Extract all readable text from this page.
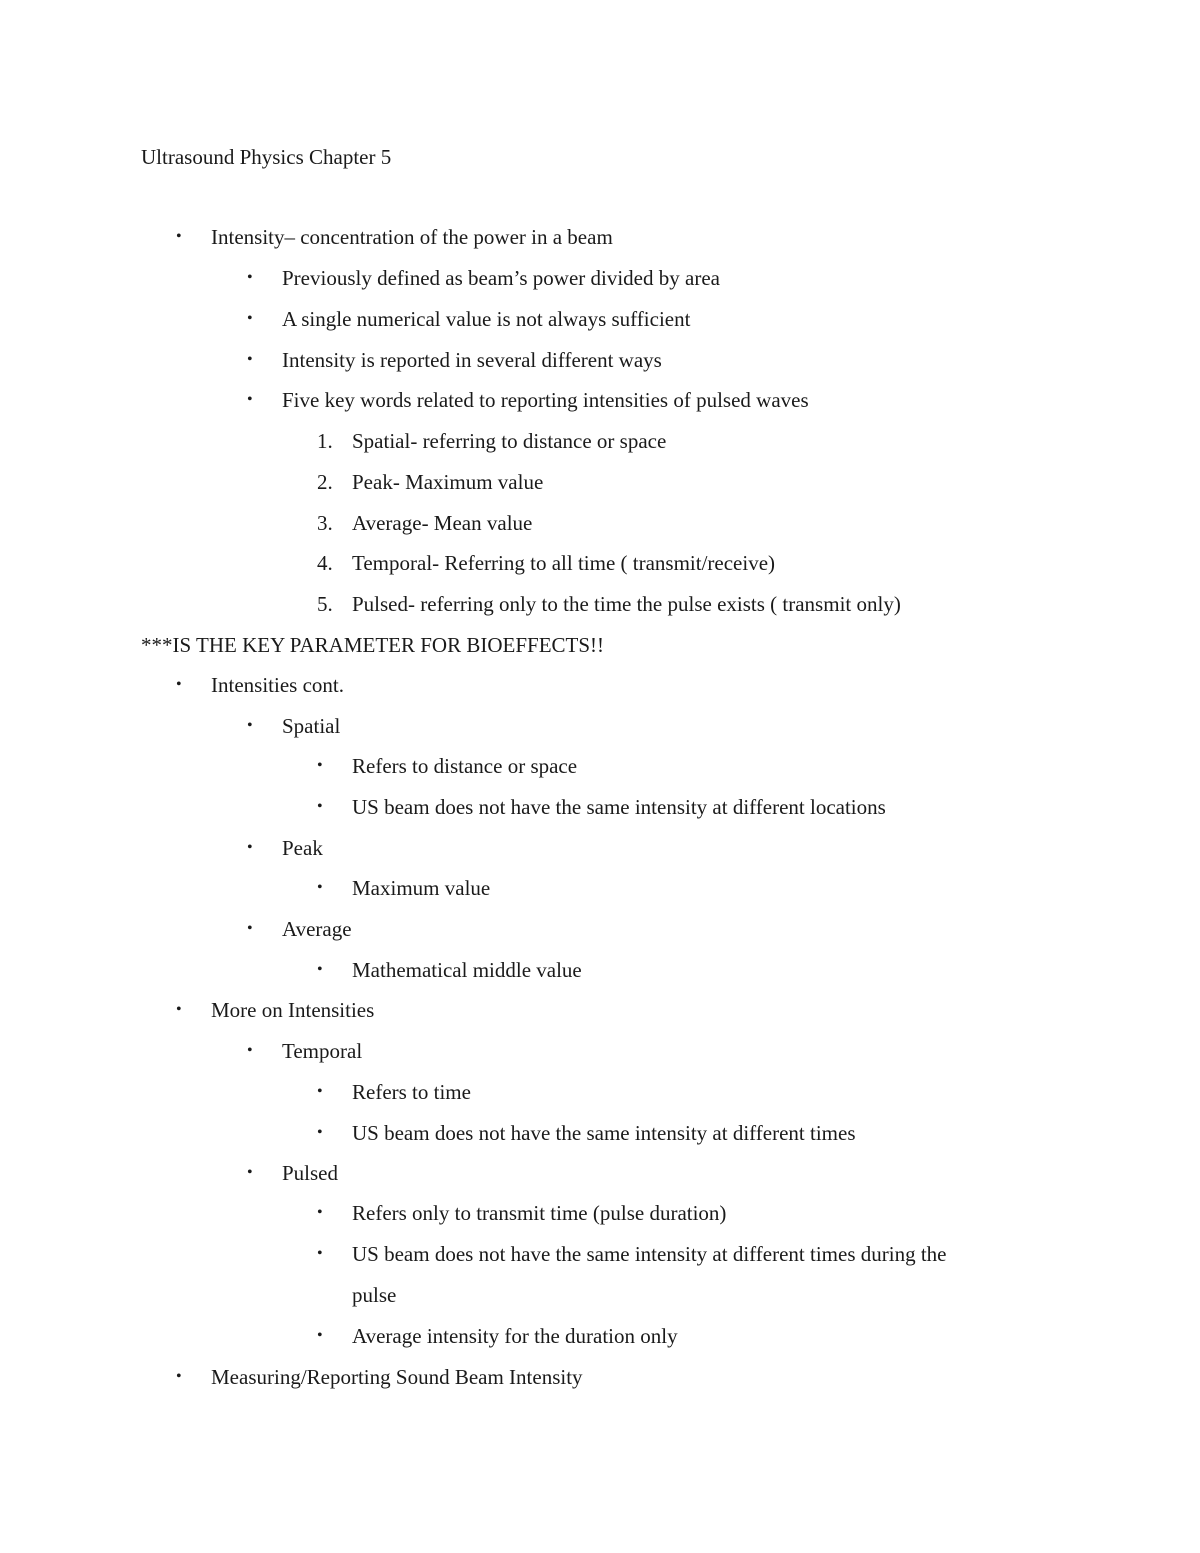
Ultrasound Physics Chapter 5
• Intensity– concentration of the power in a beam
• Previously defined as beam’s power divided by area
• A single numerical value is not always sufficient
• Intensity is reported in several different ways
• Five key words related to reporting intensities of pulsed waves
1. Spatial- referring to distance or space
2. Peak- Maximum value
3. Average- Mean value
4. Temporal- Referring to all time ( transmit/receive)
5. Pulsed- referring only to the time the pulse exists ( transmit only)
***IS THE KEY PARAMETER FOR BIOEFFECTS!!
• Intensities cont.
• Spatial
• Refers to distance or space
• US beam does not have the same intensity at different locations
• Peak
• Maximum value
• Average
• Mathematical middle value
• More on Intensities
• Temporal
• Refers to time
• US beam does not have the same intensity at different times
• Pulsed
• Refers only to transmit time (pulse duration)
• US beam does not have the same intensity at different times during the
pulse
• Average intensity for the duration only
• Measuring/Reporting Sound Beam Intensity
